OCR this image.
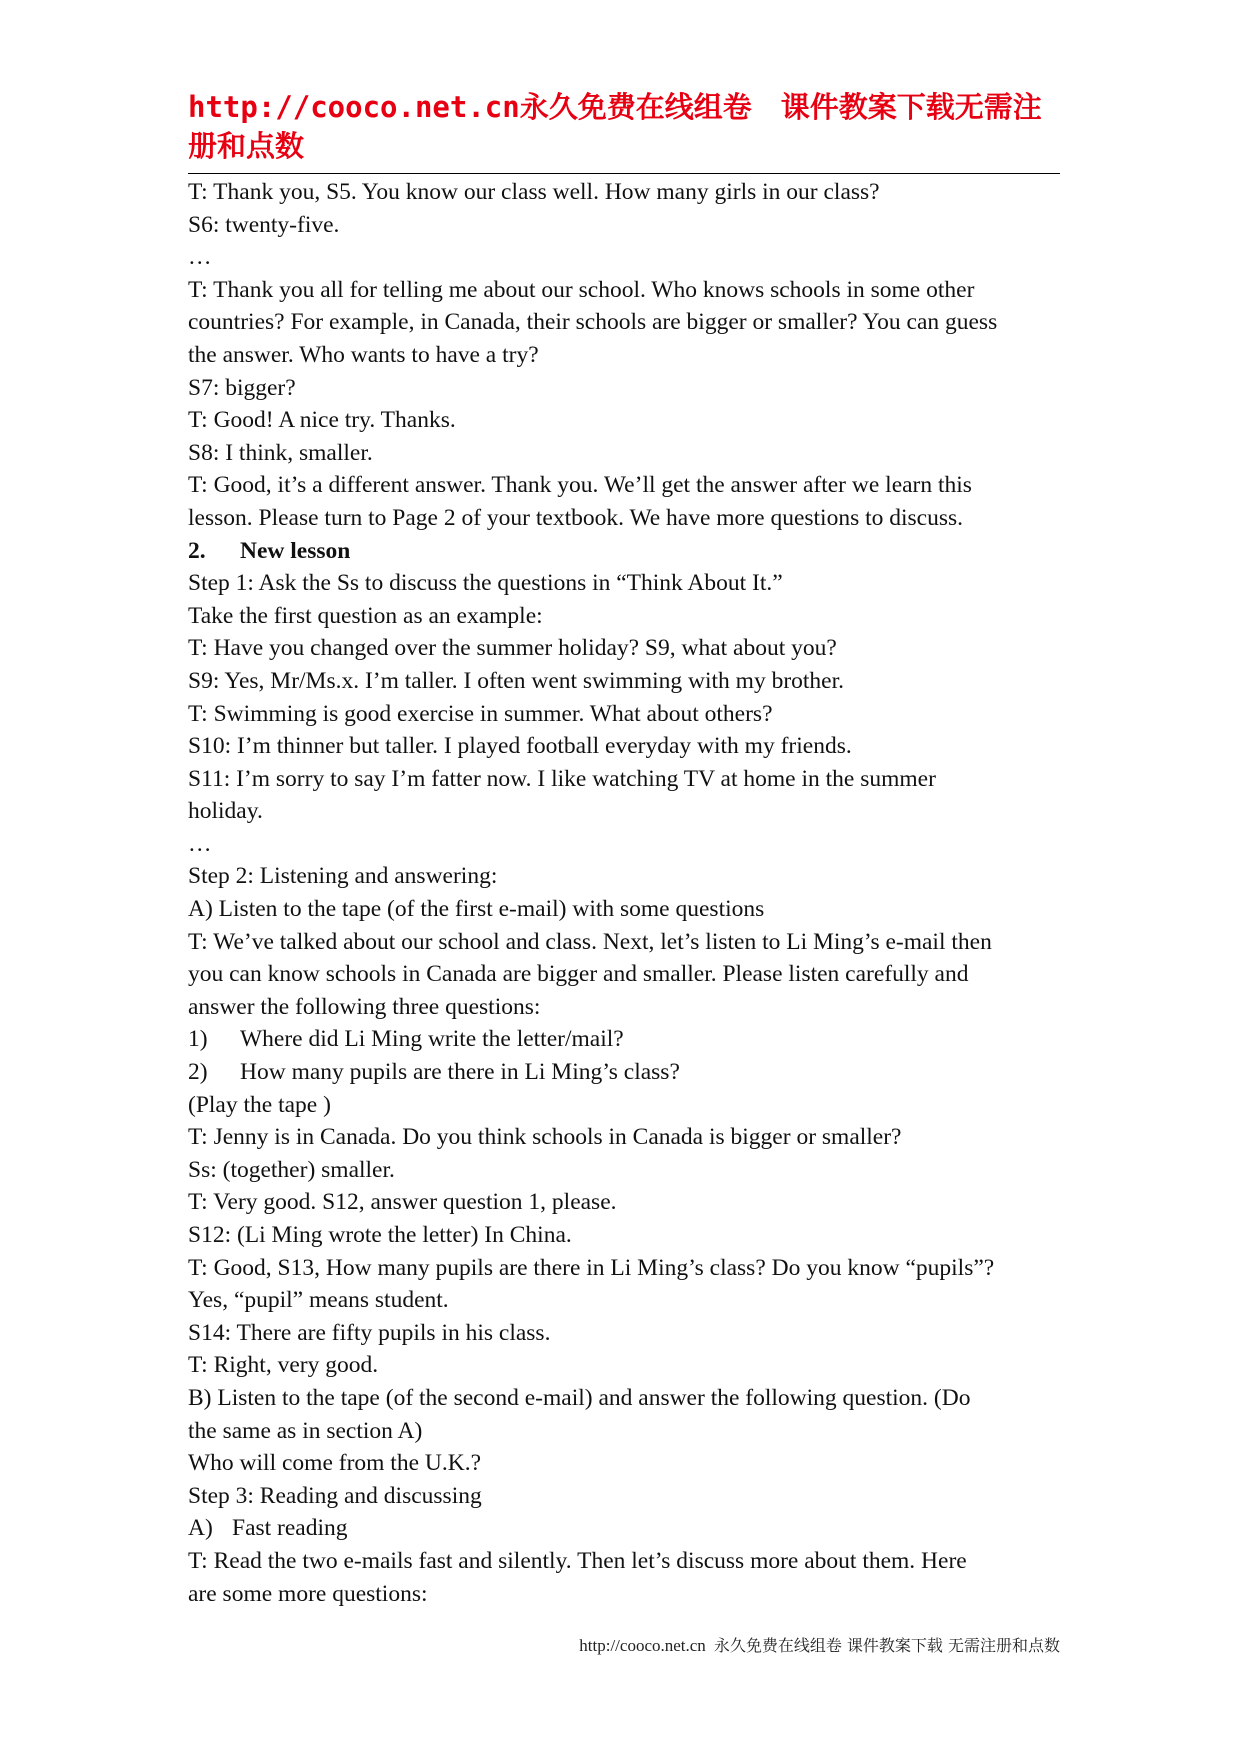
http://cooco.net.cn永久免费在线组卷　课件教案下载无需注
册和点数
T: Thank you, S5. You know our class well. How many girls in our class?
S6: twenty-five.
…
T: Thank you all for telling me about our school. Who knows schools in some other
countries? For example, in Canada, their schools are bigger or smaller? You can guess
the answer. Who wants to have a try?
S7: bigger?
T: Good! A nice try. Thanks.
S8: I think, smaller.
T: Good, it’s a different answer. Thank you. We’ll get the answer after we learn this
lesson. Please turn to Page 2 of your textbook. We have more questions to discuss.
2. New lesson
Step 1: Ask the Ss to discuss the questions in “Think About It.”
Take the first question as an example:
T: Have you changed over the summer holiday? S9, what about you?
S9: Yes, Mr/Ms.x. I’m taller. I often went swimming with my brother.
T: Swimming is good exercise in summer. What about others?
S10: I’m thinner but taller. I played football everyday with my friends.
S11: I’m sorry to say I’m fatter now. I like watching TV at home in the summer
holiday.
…
Step 2: Listening and answering:
A) Listen to the tape (of the first e-mail) with some questions
T: We’ve talked about our school and class. Next, let’s listen to Li Ming’s e-mail then
you can know schools in Canada are bigger and smaller. Please listen carefully and
answer the following three questions:
1) Where did Li Ming write the letter/mail?
2) How many pupils are there in Li Ming’s class?
(Play the tape )
T: Jenny is in Canada. Do you think schools in Canada is bigger or smaller?
Ss: (together) smaller.
T: Very good. S12, answer question 1, please.
S12: (Li Ming wrote the letter) In China.
T: Good, S13, How many pupils are there in Li Ming’s class? Do you know “pupils”?
Yes, “pupil” means student.
S14: There are fifty pupils in his class.
T: Right, very good.
B) Listen to the tape (of the second e-mail) and answer the following question. (Do
the same as in section A)
Who will come from the U.K.?
Step 3: Reading and discussing
A) Fast reading
T: Read the two e-mails fast and silently. Then let’s discuss more about them. Here
are some more questions:
http://cooco.net.cn 永久免费在线组卷 课件教案下载 无需注册和点数
